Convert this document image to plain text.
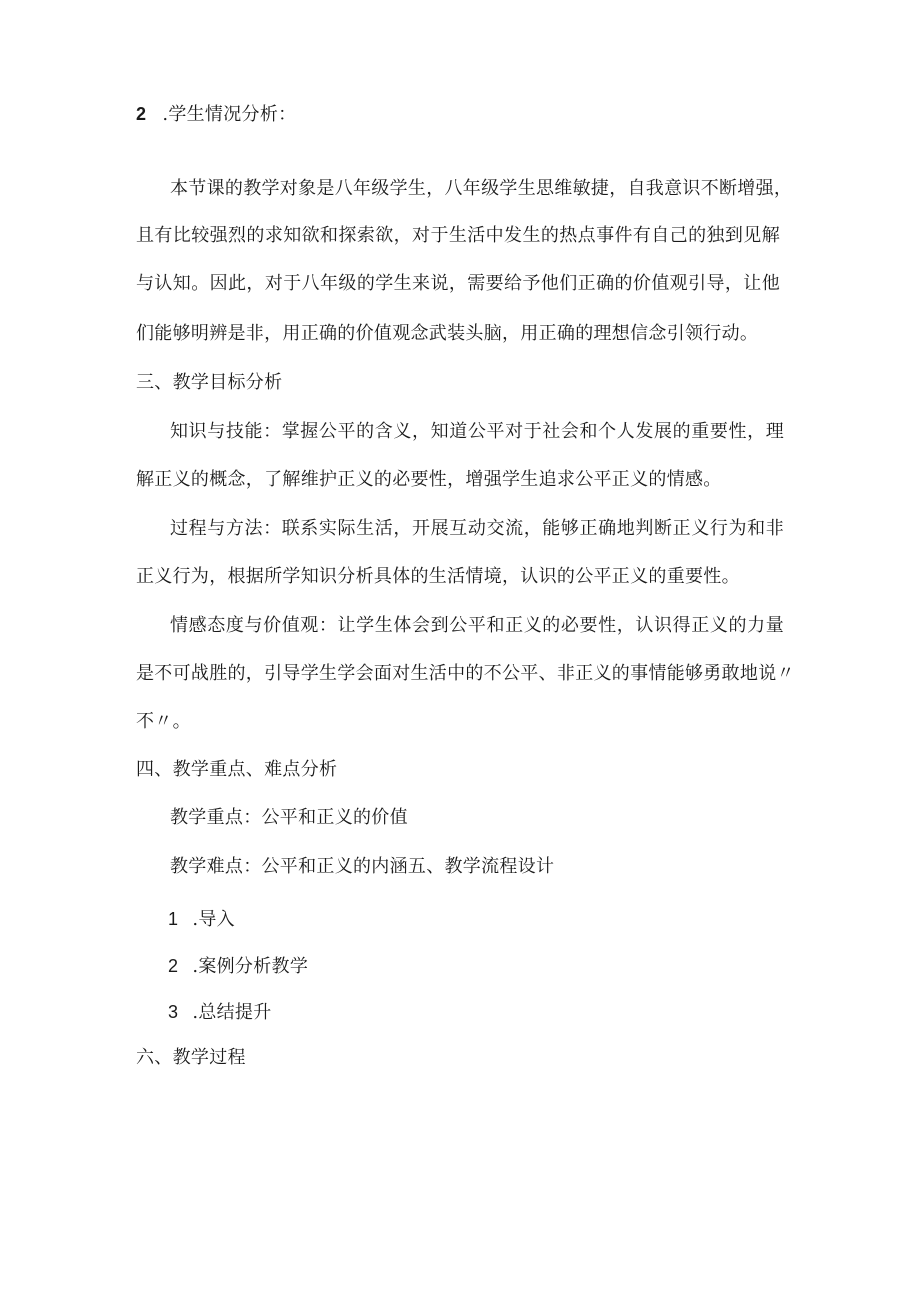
2 .学生情况分析：
本节课的教学对象是八年级学生，八年级学生思维敏捷，自我意识不断增强，
且有比较强烈的求知欲和探索欲，对于生活中发生的热点事件有自己的独到见解
与认知。因此，对于八年级的学生来说，需要给予他们正确的价值观引导，让他
们能够明辨是非，用正确的价值观念武装头脑，用正确的理想信念引领行动。
三、教学目标分析
知识与技能：掌握公平的含义，知道公平对于社会和个人发展的重要性，理
解正义的概念，了解维护正义的必要性，增强学生追求公平正义的情感。
过程与方法：联系实际生活，开展互动交流，能够正确地判断正义行为和非
正义行为，根据所学知识分析具体的生活情境，认识的公平正义的重要性。
情感态度与价值观：让学生体会到公平和正义的必要性，认识得正义的力量
是不可战胜的，引导学生学会面对生活中的不公平、非正义的事情能够勇敢地说〃
不〃。
四、教学重点、难点分析
教学重点：公平和正义的价值
教学难点：公平和正义的内涵五、教学流程设计
1 .导入
2 .案例分析教学
3 .总结提升
六、教学过程
